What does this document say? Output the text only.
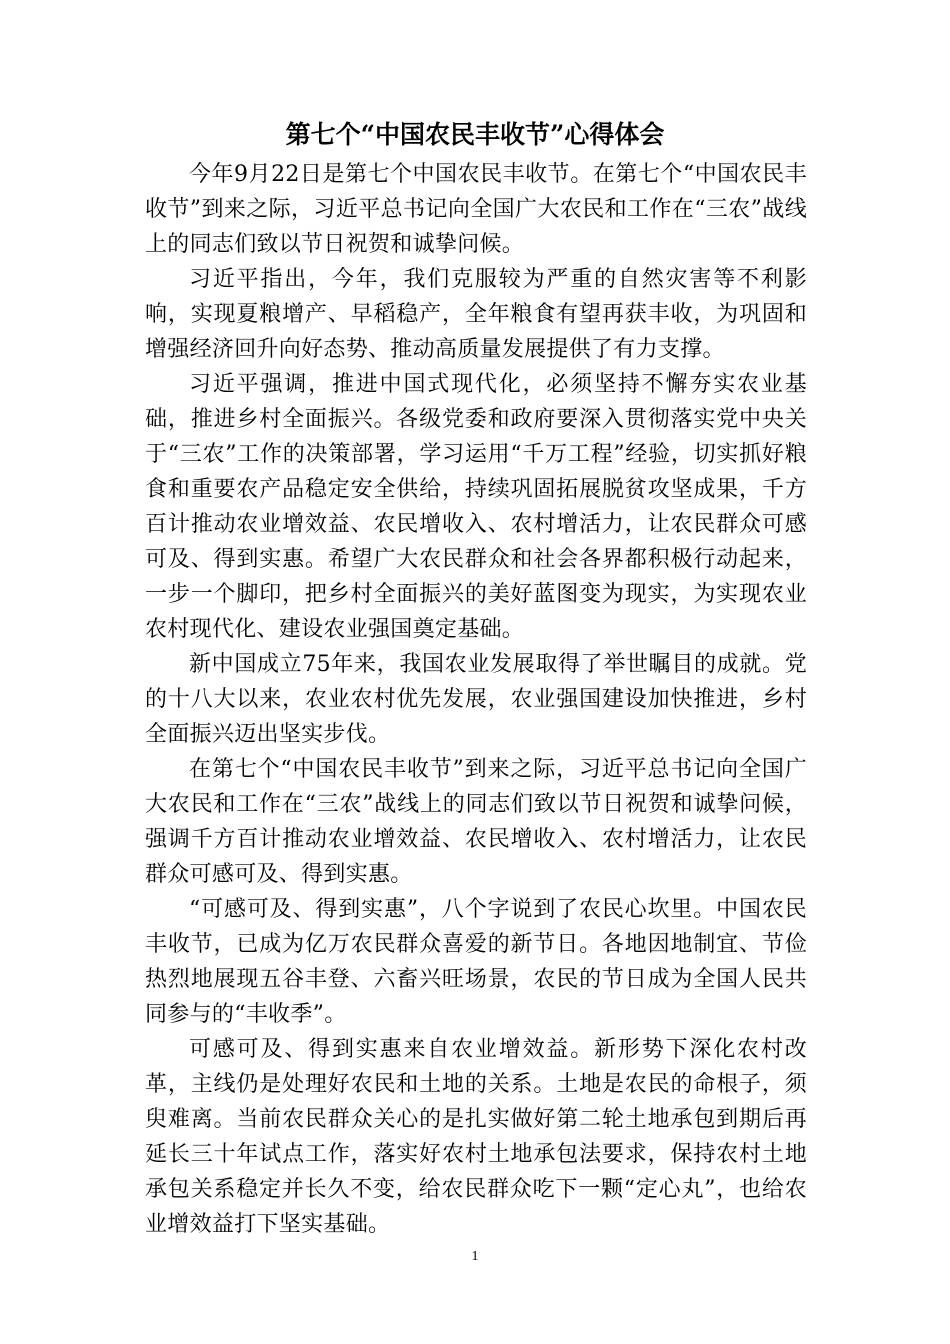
第七个“中国农民丰收节”心得体会

今年9月22日是第七个中国农民丰收节。在第七个“中国农民丰收节”到来之际，习近平总书记向全国广大农民和工作在“三农”战线上的同志们致以节日祝贺和诚挚问候。

习近平指出，今年，我们克服较为严重的自然灾害等不利影响，实现夏粮增产、早稻稳产，全年粮食有望再获丰收，为巩固和增强经济回升向好态势、推动高质量发展提供了有力支撑。

习近平强调，推进中国式现代化，必须坚持不懈夯实农业基础，推进乡村全面振兴。各级党委和政府要深入贯彻落实党中央关于“三农”工作的决策部署，学习运用“千万工程”经验，切实抓好粮食和重要农产品稳定安全供给，持续巩固拓展脱贫攻坚成果，千方百计推动农业增效益、农民增收入、农村增活力，让农民群众可感可及、得到实惠。希望广大农民群众和社会各界都积极行动起来，一步一个脚印，把乡村全面振兴的美好蓝图变为现实，为实现农业农村现代化、建设农业强国奠定基础。

新中国成立75年来，我国农业发展取得了举世瞩目的成就。党的十八大以来，农业农村优先发展，农业强国建设加快推进，乡村全面振兴迈出坚实步伐。

在第七个“中国农民丰收节”到来之际，习近平总书记向全国广大农民和工作在“三农”战线上的同志们致以节日祝贺和诚挚问候，强调千方百计推动农业增效益、农民增收入、农村增活力，让农民群众可感可及、得到实惠。

“可感可及、得到实惠”，八个字说到了农民心坎里。中国农民丰收节，已成为亿万农民群众喜爱的新节日。各地因地制宜、节俭热烈地展现五谷丰登、六畜兴旺场景，农民的节日成为全国人民共同参与的“丰收季”。

可感可及、得到实惠来自农业增效益。新形势下深化农村改革，主线仍是处理好农民和土地的关系。土地是农民的命根子，须臾难离。当前农民群众关心的是扎实做好第二轮土地承包到期后再延长三十年试点工作，落实好农村土地承包法要求，保持农村土地承包关系稳定并长久不变，给农民群众吃下一颗“定心丸”，也给农业增效益打下坚实基础。

1
